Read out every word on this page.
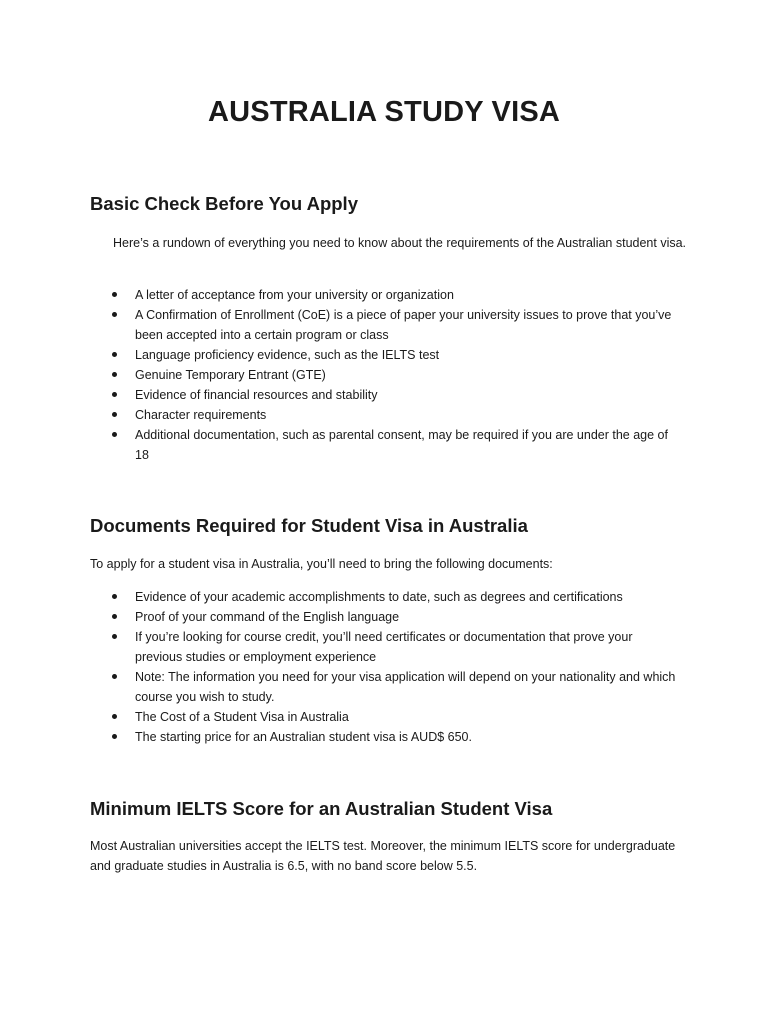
AUSTRALIA STUDY VISA
Basic Check Before You Apply

Here’s a rundown of everything you need to know about the requirements of the Australian student visa.

A letter of acceptance from your university or organization
A Confirmation of Enrollment (CoE) is a piece of paper your university issues to prove that you’ve been accepted into a certain program or class
Language proficiency evidence, such as the IELTS test
Genuine Temporary Entrant (GTE)
Evidence of financial resources and stability
Character requirements
Additional documentation, such as parental consent, may be required if you are under the age of 18
Documents Required for Student Visa in Australia

To apply for a student visa in Australia, you’ll need to bring the following documents:

Evidence of your academic accomplishments to date, such as degrees and certifications
Proof of your command of the English language
If you’re looking for course credit, you’ll need certificates or documentation that prove your previous studies or employment experience
Note: The information you need for your visa application will depend on your nationality and which course you wish to study.
The Cost of a Student Visa in Australia
The starting price for an Australian student visa is AUD$ 650.
Minimum IELTS Score for an Australian Student Visa

Most Australian universities accept the IELTS test. Moreover, the minimum IELTS score for undergraduate and graduate studies in Australia is 6.5, with no band score below 5.5.
